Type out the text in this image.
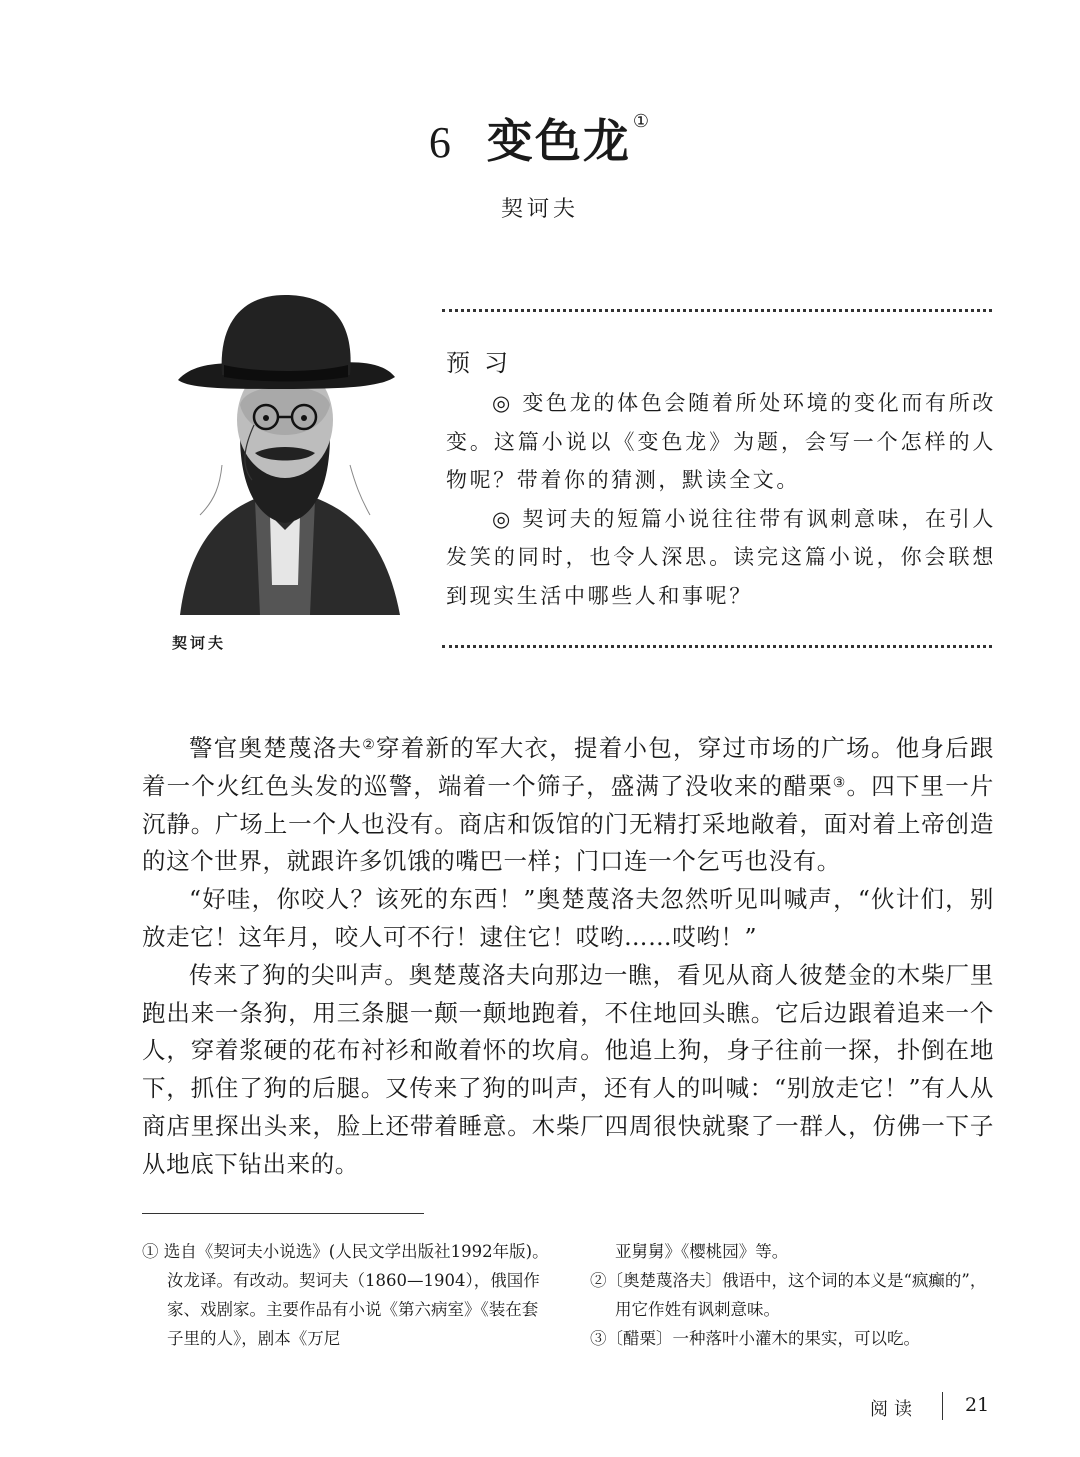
6 变色龙 ①
契诃夫
契诃夫
预习

◎ 变色龙的体色会随着所处环境的变化而有所改变。这篇小说以《变色龙》为题，会写一个怎样的人物呢？带着你的猜测，默读全文。

◎ 契诃夫的短篇小说往往带有讽刺意味，在引人发笑的同时，也令人深思。读完这篇小说，你会联想到现实生活中哪些人和事呢？

警官奥楚蔑洛夫②穿着新的军大衣，提着小包，穿过市场的广场。他身后跟着一个火红色头发的巡警，端着一个筛子，盛满了没收来的醋栗③。四下里一片沉静。广场上一个人也没有。商店和饭馆的门无精打采地敞着，面对着上帝创造的这个世界，就跟许多饥饿的嘴巴一样；门口连一个乞丐也没有。

“好哇，你咬人？该死的东西！”奥楚蔑洛夫忽然听见叫喊声，“伙计们，别放走它！这年月，咬人可不行！逮住它！哎哟……哎哟！”

传来了狗的尖叫声。奥楚蔑洛夫向那边一瞧，看见从商人彼楚金的木柴厂里跑出来一条狗，用三条腿一颠一颠地跑着，不住地回头瞧。它后边跟着追来一个人，穿着浆硬的花布衬衫和敞着怀的坎肩。他追上狗，身子往前一探，扑倒在地下，抓住了狗的后腿。又传来了狗的叫声，还有人的叫喊：“别放走它！”有人从商店里探出头来，脸上还带着睡意。木柴厂四周很快就聚了一群人，仿佛一下子从地底下钻出来的。

① 选自《契诃夫小说选》(人民文学出版社1992年版)。汝龙译。有改动。契诃夫（1860—1904），俄国作家、戏剧家。主要作品有小说《第六病室》《装在套子里的人》，剧本《万尼

亚舅舅》《樱桃园》等。

②〔奥楚蔑洛夫〕俄语中，这个词的本义是“疯癫的”，用它作姓有讽刺意味。

③〔醋栗〕一种落叶小灌木的果实，可以吃。

阅读 21
